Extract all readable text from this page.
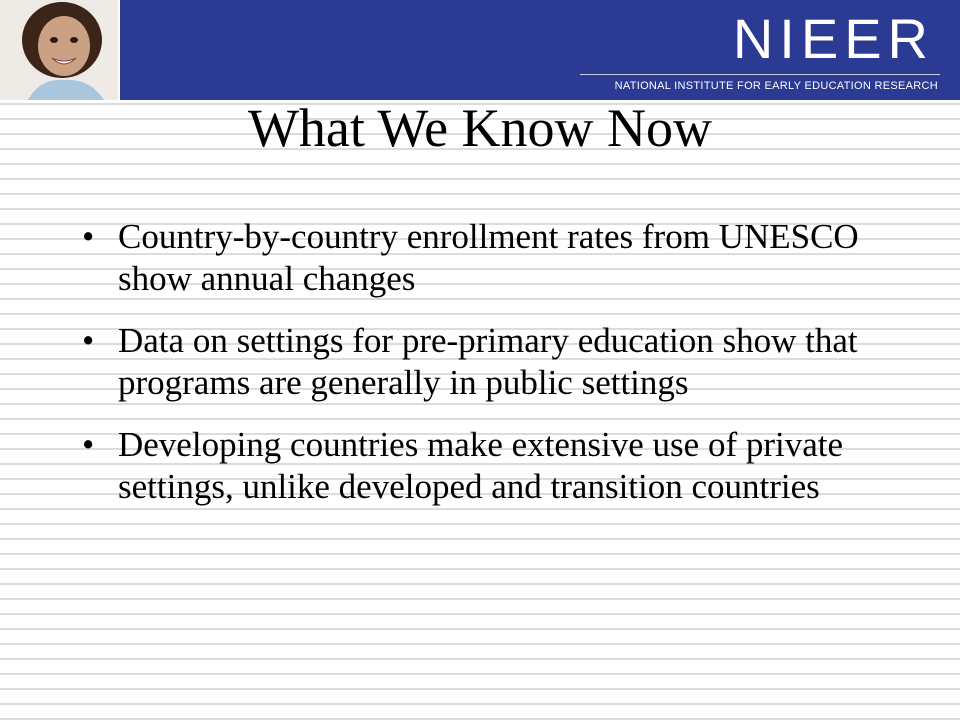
NIEER
NATIONAL INSTITUTE FOR EARLY EDUCATION RESEARCH
What We Know Now
• Country-by-country enrollment rates from UNESCO show annual changes
• Data on settings for pre-primary education show that programs are generally in public settings
• Developing countries make extensive use of private settings, unlike developed and transition countries
